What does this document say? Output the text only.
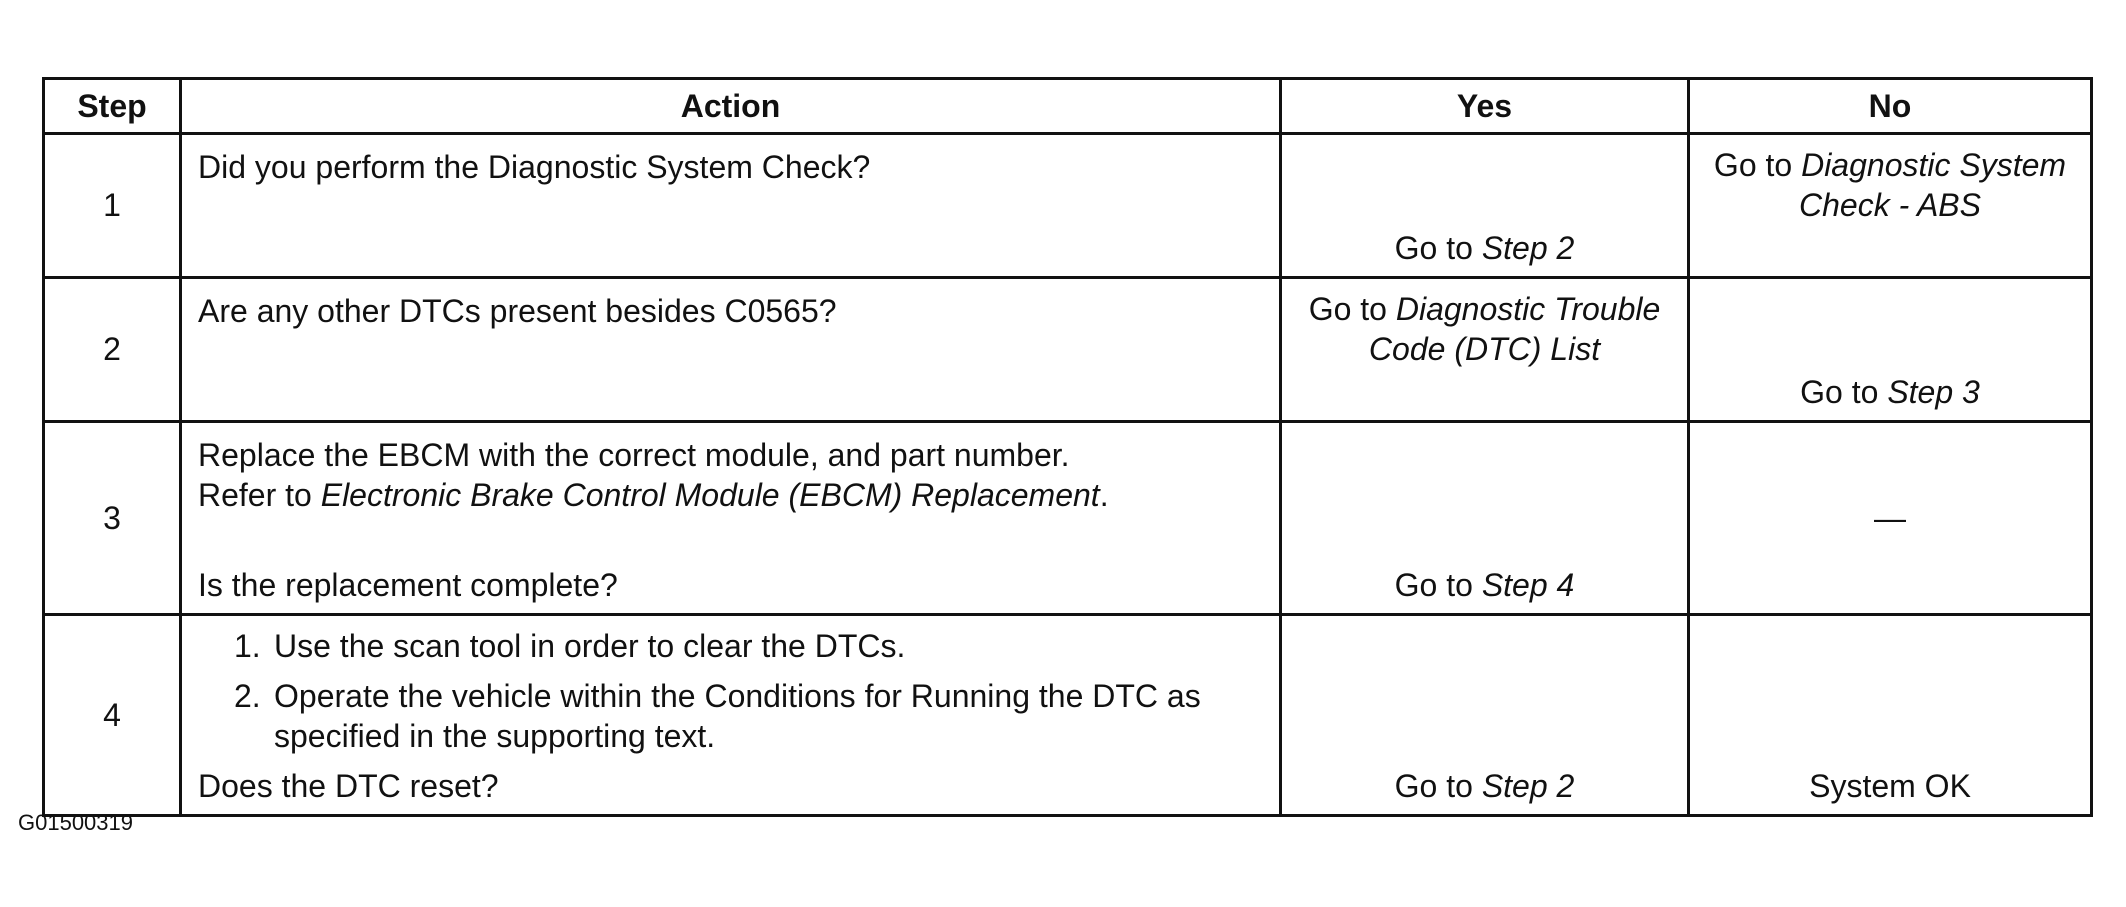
Step	Action	Yes	No
1	Did you perform the Diagnostic System Check?	Go to Step 2	Go to Diagnostic System Check - ABS
2	Are any other DTCs present besides C0565?	Go to Diagnostic Trouble Code (DTC) List	Go to Step 3
3	Replace the EBCM with the correct module, and part number.
Refer to Electronic Brake Control Module (EBCM) Replacement.
Is the replacement complete?	Go to Step 4	—
4	1. Use the scan tool in order to clear the DTCs.
2. Operate the vehicle within the Conditions for Running the DTC as specified in the supporting text.
Does the DTC reset?	Go to Step 2	System OK
G01500319
